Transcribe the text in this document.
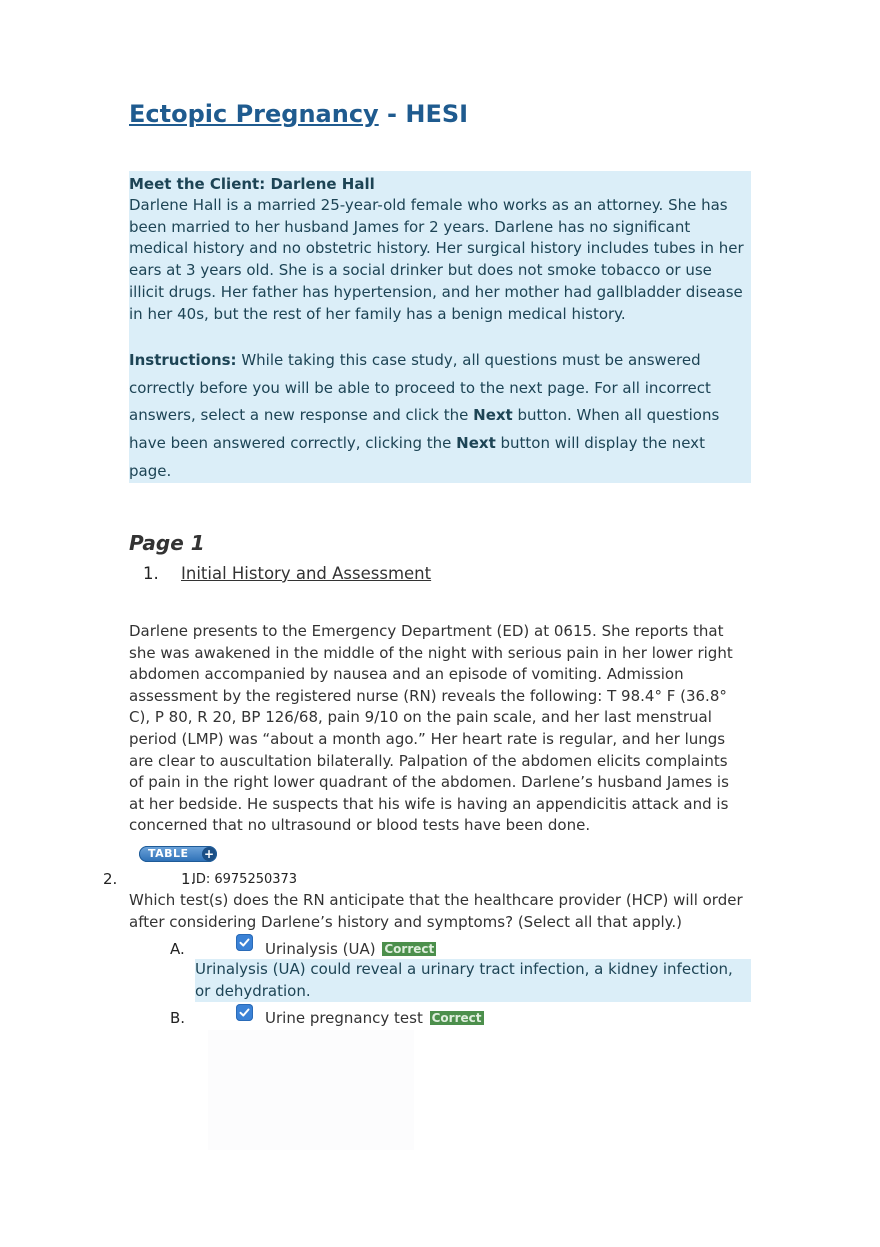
Ectopic Pregnancy - HESI
Meet the Client: Darlene Hall
Darlene Hall is a married 25-year-old female who works as an attorney. She has been married to her husband James for 2 years. Darlene has no significant medical history and no obstetric history. Her surgical history includes tubes in her ears at 3 years old. She is a social drinker but does not smoke tobacco or use illicit drugs. Her father has hypertension, and her mother had gallbladder disease in her 40s, but the rest of her family has a benign medical history.
Instructions: While taking this case study, all questions must be answered correctly before you will be able to proceed to the next page. For all incorrect answers, select a new response and click the Next button. When all questions have been answered correctly, clicking the Next button will display the next page.
Page 1
1. Initial History and Assessment
Darlene presents to the Emergency Department (ED) at 0615. She reports that she was awakened in the middle of the night with serious pain in her lower right abdomen accompanied by nausea and an episode of vomiting. Admission assessment by the registered nurse (RN) reveals the following: T 98.4° F (36.8° C), P 80, R 20, BP 126/68, pain 9/10 on the pain scale, and her last menstrual period (LMP) was “about a month ago.” Her heart rate is regular, and her lungs are clear to auscultation bilaterally. Palpation of the abdomen elicits complaints of pain in the right lower quadrant of the abdomen. Darlene’s husband James is at her bedside. He suspects that his wife is having an appendicitis attack and is concerned that no ultrasound or blood tests have been done.
TABLE +
2.	1.
ID: 6975250373
Which test(s) does the RN anticipate that the healthcare provider (HCP) will order after considering Darlene’s history and symptoms? (Select all that apply.)
A.	Urinalysis (UA) Correct
Urinalysis (UA) could reveal a urinary tract infection, a kidney infection, or dehydration.
B.	Urine pregnancy test Correct
